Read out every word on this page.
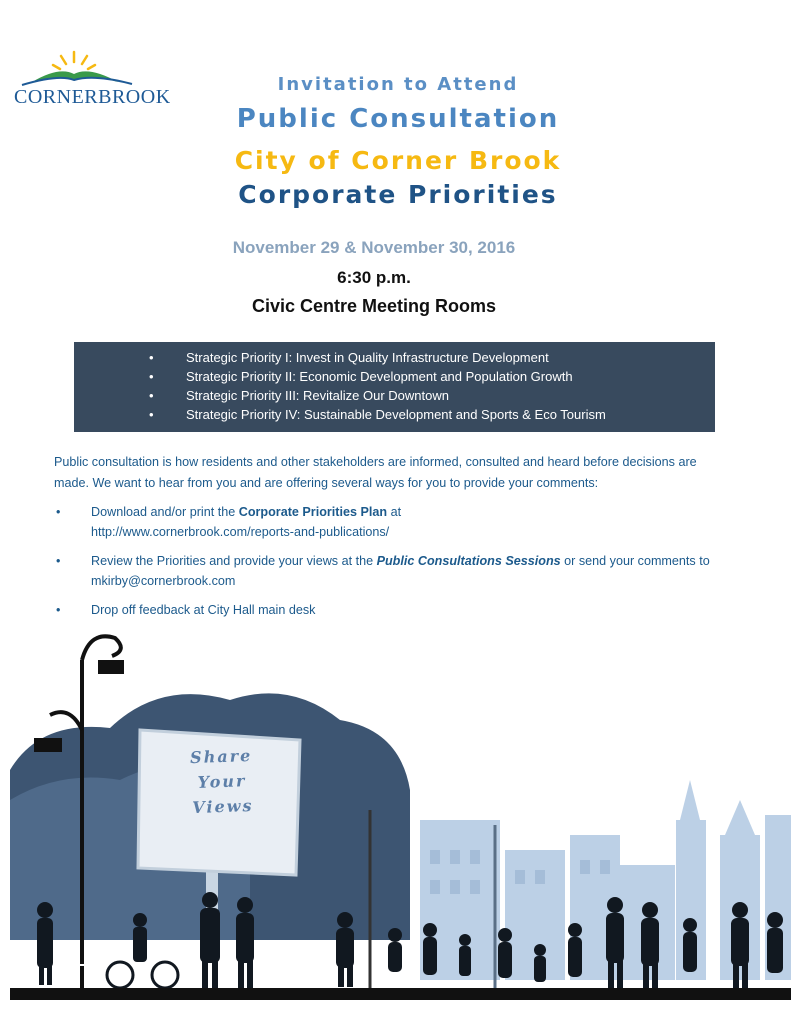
CORNERBROOK
Invitation to Attend
Public Consultation
City of Corner Brook
Corporate Priorities
November 29 & November 30, 2016
6:30 p.m.
Civic Centre Meeting Rooms
• Strategic Priority I: Invest in Quality Infrastructure Development
• Strategic Priority II: Economic Development and Population Growth
• Strategic Priority III: Revitalize Our Downtown
• Strategic Priority IV: Sustainable Development and Sports & Eco Tourism
Public consultation is how residents and other stakeholders are informed, consulted and heard before decisions are made. We want to hear from you and are offering several ways for you to provide your comments:
• Download and/or print the Corporate Priorities Plan at
http://www.cornerbrook.com/reports-and-publications/
• Review the Priorities and provide your views at the Public Consultations Sessions or send your comments to
mkirby@cornerbrook.com
• Drop off feedback at City Hall main desk
Share
Your
Views
